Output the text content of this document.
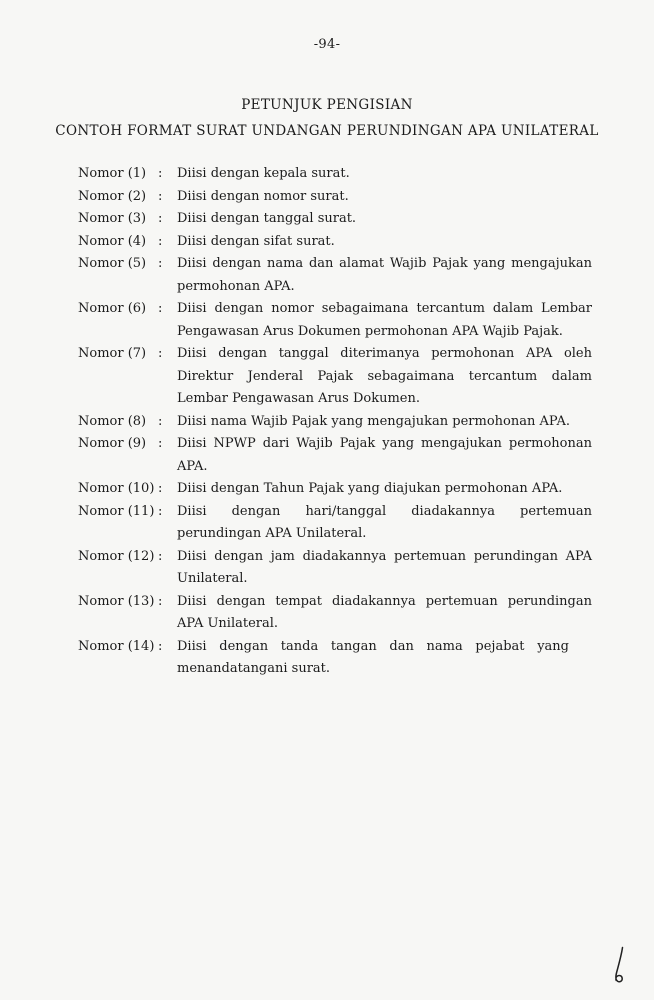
-94-
PETUNJUK PENGISIAN
CONTOH FORMAT SURAT UNDANGAN PERUNDINGAN APA UNILATERAL
Nomor (1) :	Diisi dengan kepala surat.
Nomor (2) :	Diisi dengan nomor surat.
Nomor (3) :	Diisi dengan tanggal surat.
Nomor (4) :	Diisi dengan sifat surat.
Nomor (5) :	Diisi dengan nama dan alamat Wajib Pajak yang mengajukan permohonan APA.
Nomor (6) :	Diisi dengan nomor sebagaimana tercantum dalam Lembar Pengawasan Arus Dokumen permohonan APA Wajib Pajak.
Nomor (7) :	Diisi dengan tanggal diterimanya permohonan APA oleh Direktur Jenderal Pajak sebagaimana tercantum dalam Lembar Pengawasan Arus Dokumen.
Nomor (8) :	Diisi nama Wajib Pajak yang mengajukan permohonan APA.
Nomor (9) :	Diisi NPWP dari Wajib Pajak yang mengajukan permohonan APA.
Nomor (10) :	Diisi dengan Tahun Pajak yang diajukan permohonan APA.
Nomor (11) :	Diisi dengan hari/tanggal diadakannya pertemuan perundingan APA Unilateral.
Nomor (12) :	Diisi dengan jam diadakannya pertemuan perundingan APA Unilateral.
Nomor (13) :	Diisi dengan tempat diadakannya pertemuan perundingan APA Unilateral.
Nomor (14) :	Diisi dengan tanda tangan dan nama pejabat yang menandatangani surat.
